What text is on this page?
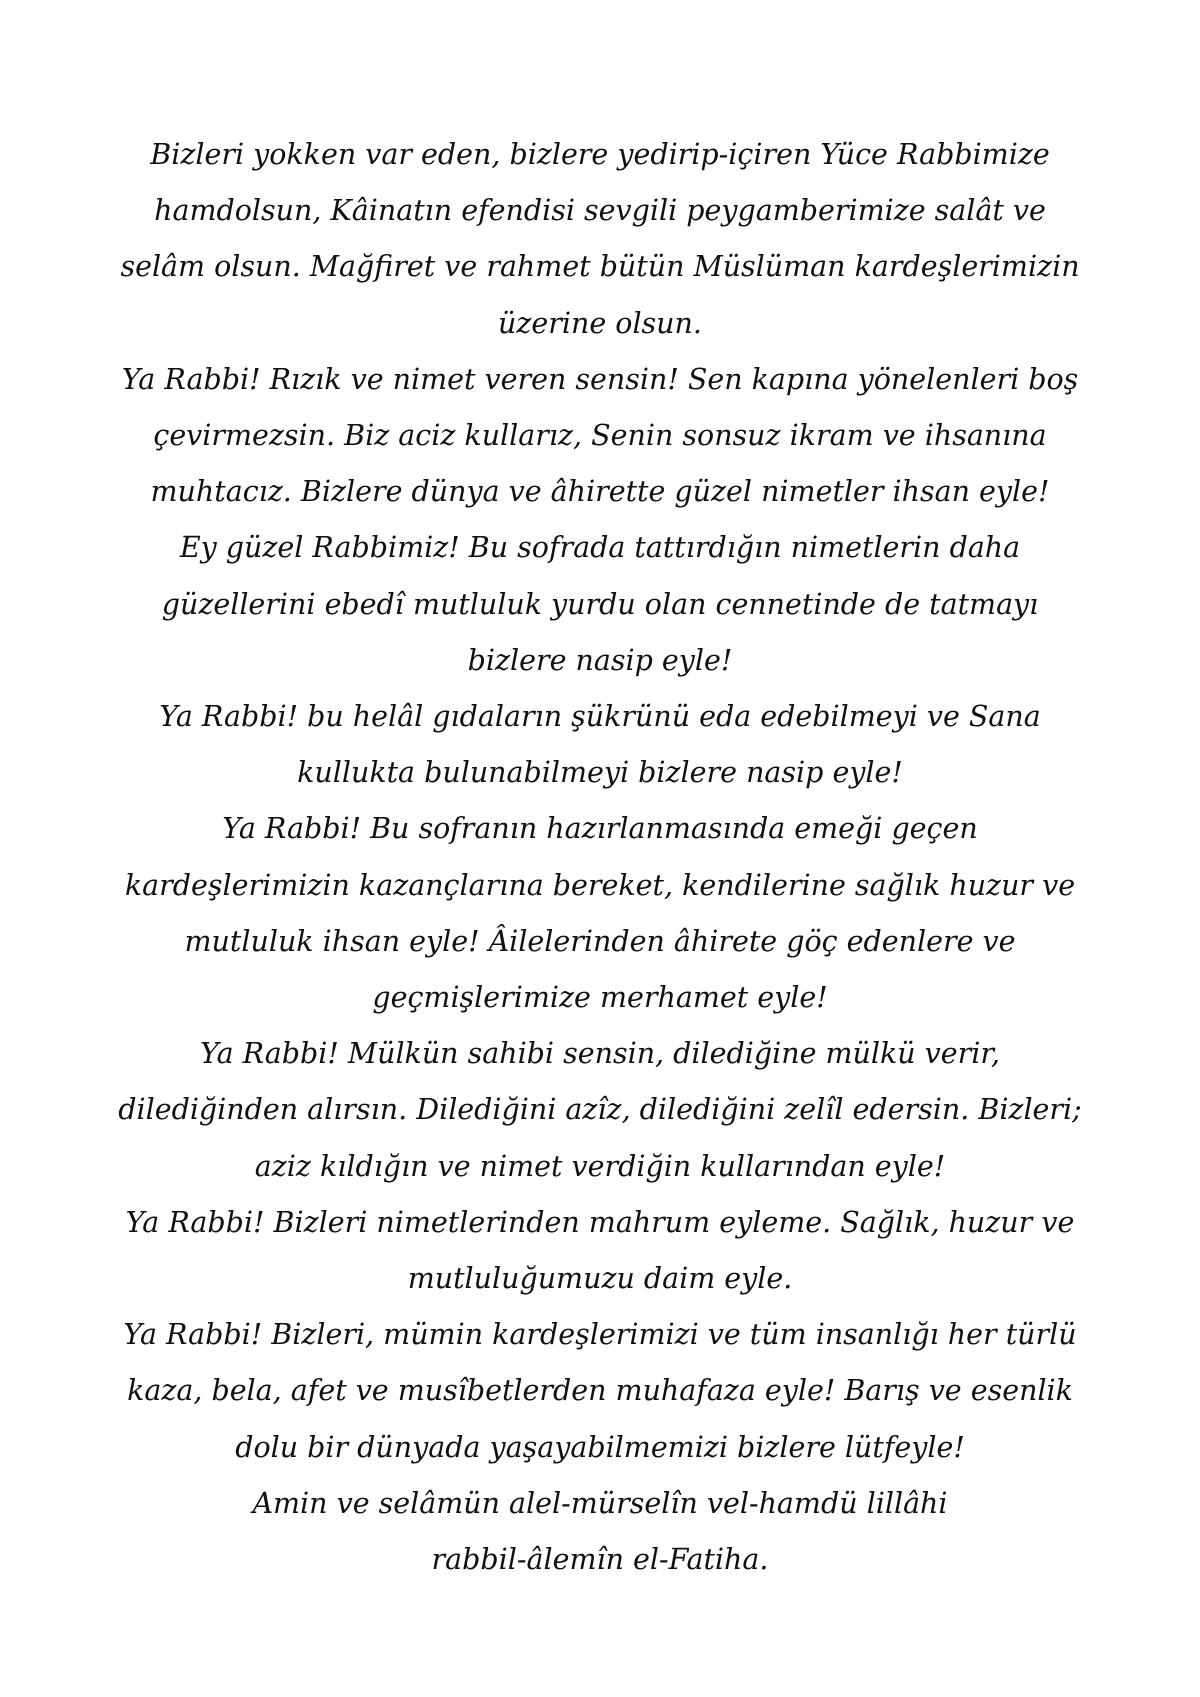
Bizleri yokken var eden, bizlere yedirip-içiren Yüce Rabbimize
hamdolsun, Kâinatın efendisi sevgili peygamberimize salât ve
selâm olsun. Mağfiret ve rahmet bütün Müslüman kardeşlerimizin
üzerine olsun.
Ya Rabbi! Rızık ve nimet veren sensin! Sen kapına yönelenleri boş
çevirmezsin. Biz aciz kullarız, Senin sonsuz ikram ve ihsanına
muhtacız. Bizlere dünya ve âhirette güzel nimetler ihsan eyle!
Ey güzel Rabbimiz! Bu sofrada tattırdığın nimetlerin daha
güzellerini ebedî mutluluk yurdu olan cennetinde de tatmayı
bizlere nasip eyle!
Ya Rabbi! bu helâl gıdaların şükrünü eda edebilmeyi ve Sana
kullukta bulunabilmeyi bizlere nasip eyle!
Ya Rabbi! Bu sofranın hazırlanmasında emeği geçen
kardeşlerimizin kazançlarına bereket, kendilerine sağlık huzur ve
mutluluk ihsan eyle! Âilelerinden âhirete göç edenlere ve
geçmişlerimize merhamet eyle!
Ya Rabbi! Mülkün sahibi sensin, dilediğine mülkü verir,
dilediğinden alırsın. Dilediğini azîz, dilediğini zelîl edersin. Bizleri;
aziz kıldığın ve nimet verdiğin kullarından eyle!
Ya Rabbi! Bizleri nimetlerinden mahrum eyleme. Sağlık, huzur ve
mutluluğumuzu daim eyle.
Ya Rabbi! Bizleri, mümin kardeşlerimizi ve tüm insanlığı her türlü
kaza, bela, afet ve musîbetlerden muhafaza eyle! Barış ve esenlik
dolu bir dünyada yaşayabilmemizi bizlere lütfeyle!
Amin ve selâmün alel-mürselîn vel-hamdü lillâhi
rabbil-âlemîn el-Fatiha.
